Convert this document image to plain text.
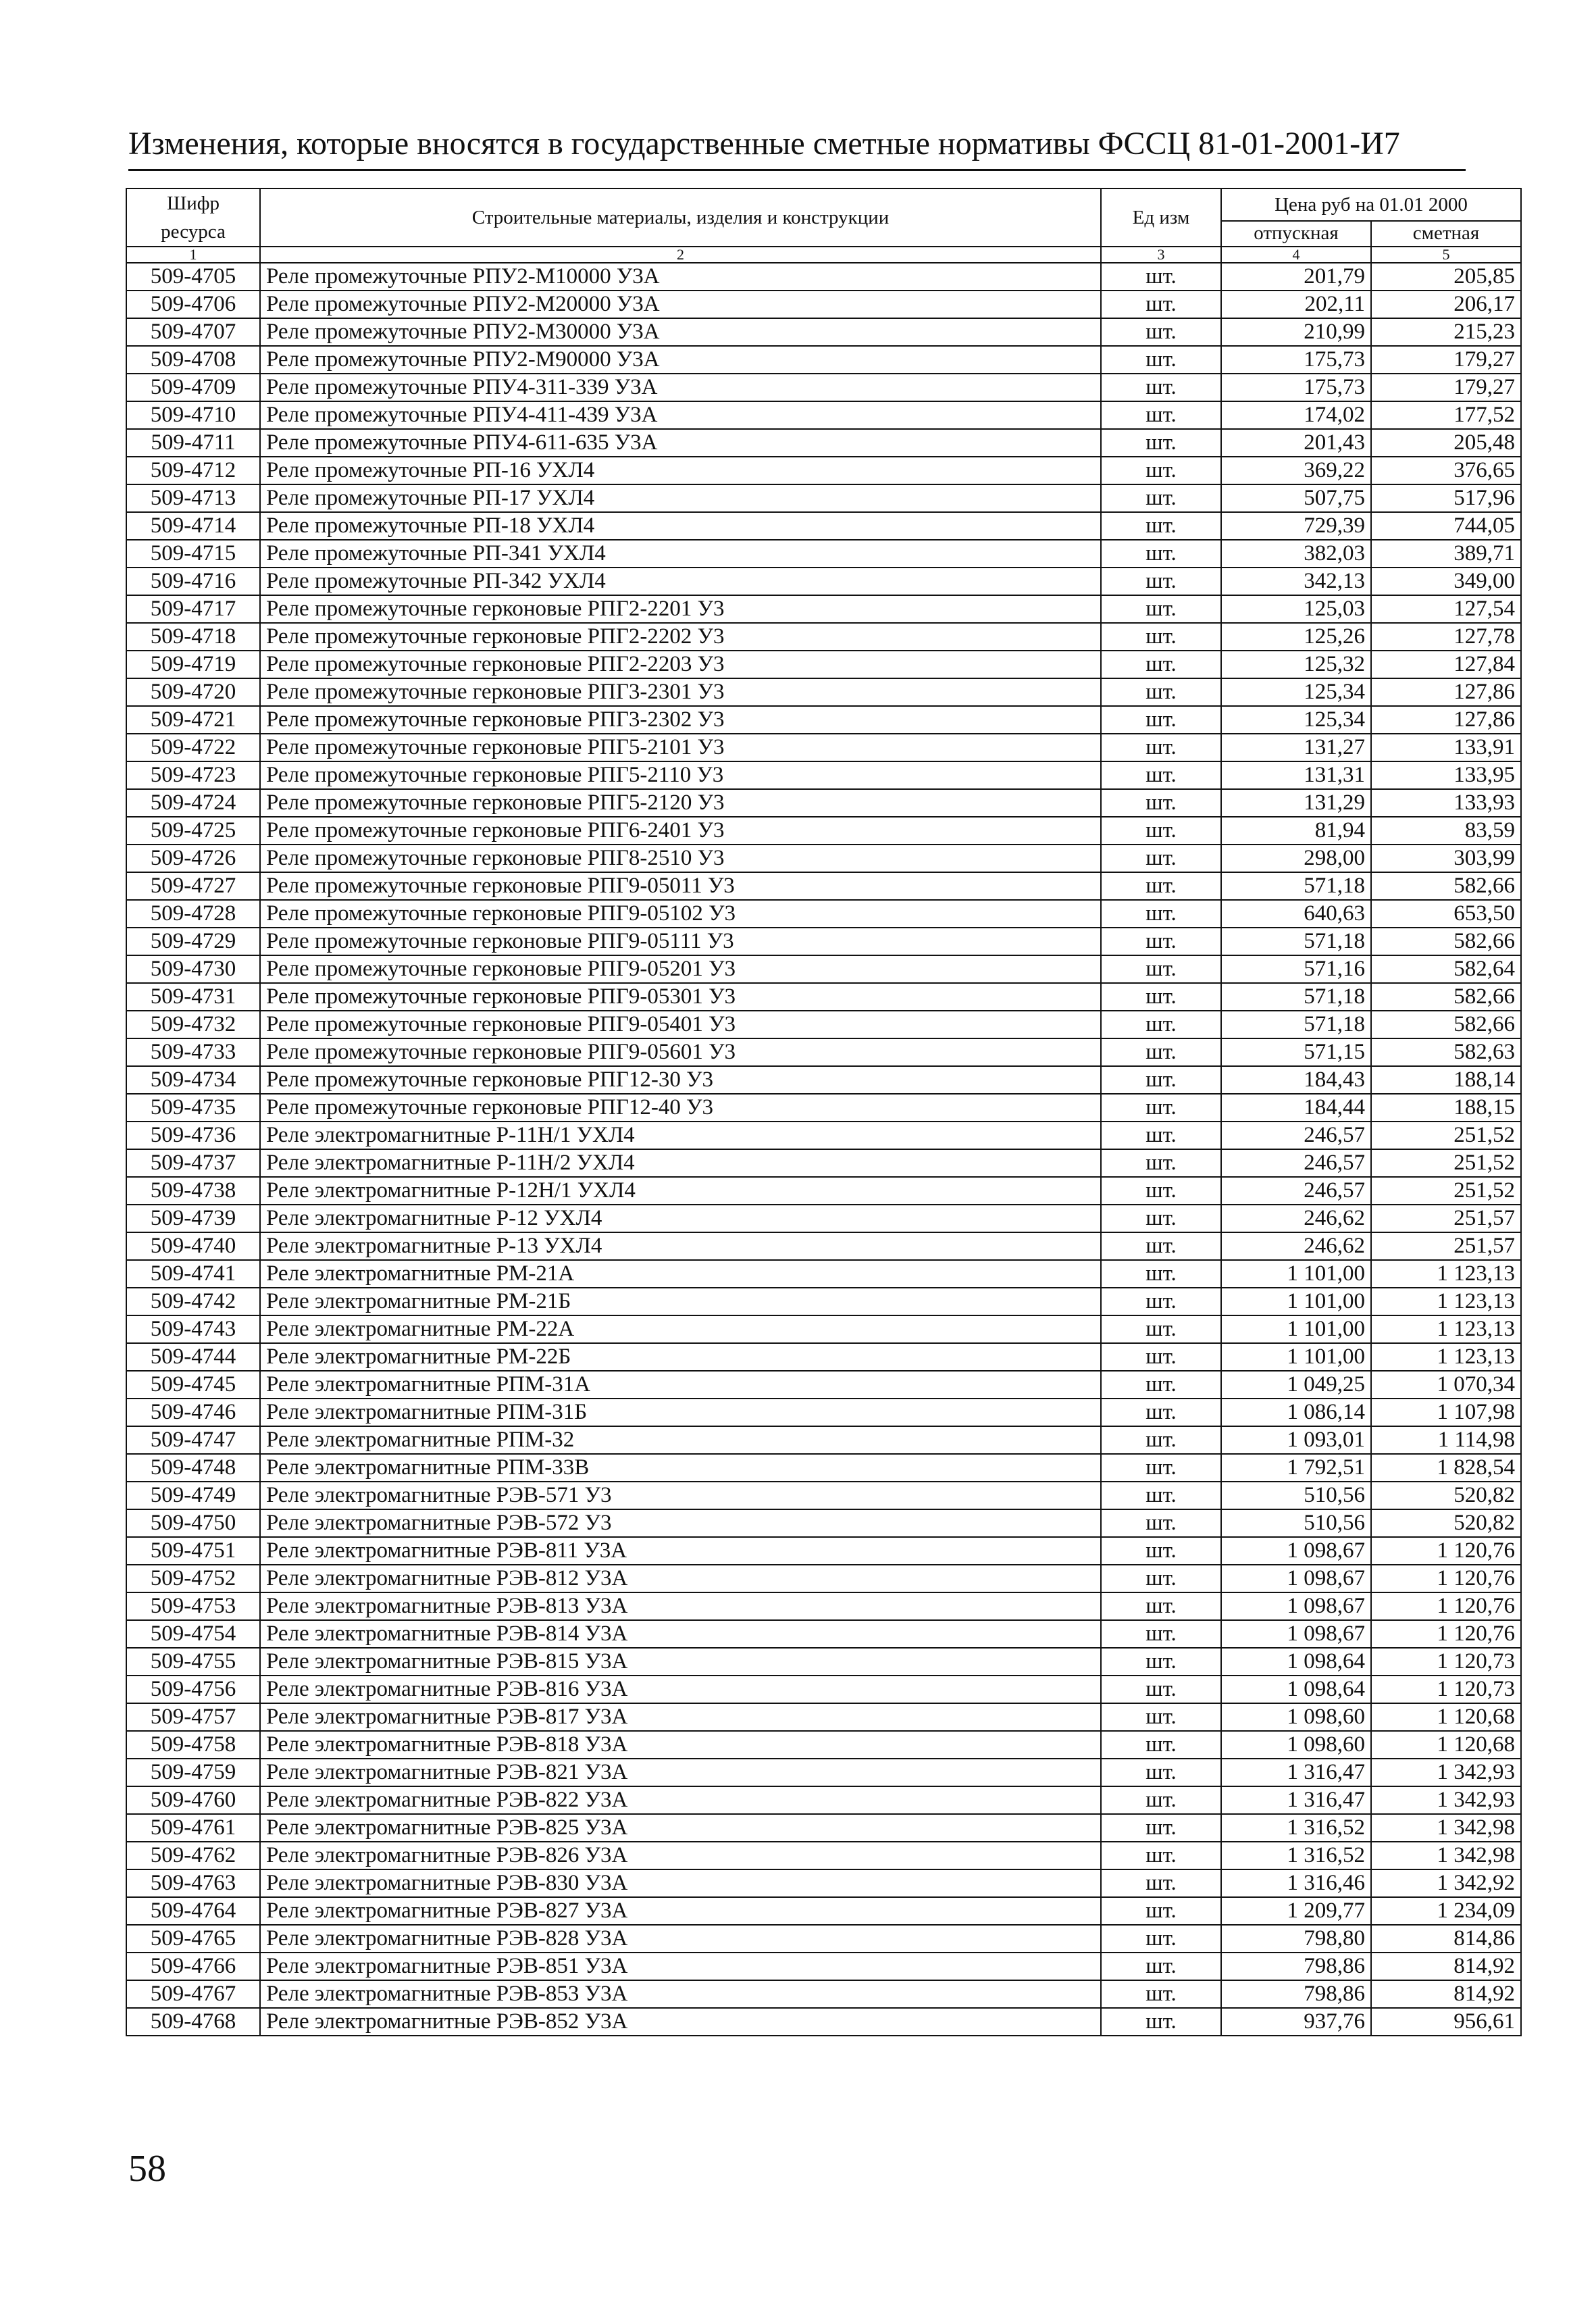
Изменения, которые вносятся в государственные сметные нормативы ФССЦ 81-01-2001-И7
Шифр ресурса	Строительные материалы, изделия и конструкции	Ед изм	Цена руб на 01.01 2000	
			отпускная	сметная
1	2	3	4	5
509-4705	Реле промежуточные РПУ2-М10000 У3А	шт.	201,79	205,85
509-4706	Реле промежуточные РПУ2-М20000 У3А	шт.	202,11	206,17
509-4707	Реле промежуточные РПУ2-М30000 У3А	шт.	210,99	215,23
509-4708	Реле промежуточные РПУ2-М90000 У3А	шт.	175,73	179,27
509-4709	Реле промежуточные РПУ4-311-339 У3А	шт.	175,73	179,27
509-4710	Реле промежуточные РПУ4-411-439 У3А	шт.	174,02	177,52
509-4711	Реле промежуточные РПУ4-611-635 У3А	шт.	201,43	205,48
509-4712	Реле промежуточные РП-16 УХЛ4	шт.	369,22	376,65
509-4713	Реле промежуточные РП-17 УХЛ4	шт.	507,75	517,96
509-4714	Реле промежуточные РП-18 УХЛ4	шт.	729,39	744,05
509-4715	Реле промежуточные РП-341 УХЛ4	шт.	382,03	389,71
509-4716	Реле промежуточные РП-342 УХЛ4	шт.	342,13	349,00
509-4717	Реле промежуточные герконовые РПГ2-2201 У3	шт.	125,03	127,54
509-4718	Реле промежуточные герконовые РПГ2-2202 У3	шт.	125,26	127,78
509-4719	Реле промежуточные герконовые РПГ2-2203 У3	шт.	125,32	127,84
509-4720	Реле промежуточные герконовые РПГ3-2301 У3	шт.	125,34	127,86
509-4721	Реле промежуточные герконовые РПГ3-2302 У3	шт.	125,34	127,86
509-4722	Реле промежуточные герконовые РПГ5-2101 У3	шт.	131,27	133,91
509-4723	Реле промежуточные герконовые РПГ5-2110 У3	шт.	131,31	133,95
509-4724	Реле промежуточные герконовые РПГ5-2120 У3	шт.	131,29	133,93
509-4725	Реле промежуточные герконовые РПГ6-2401 У3	шт.	81,94	83,59
509-4726	Реле промежуточные герконовые РПГ8-2510 У3	шт.	298,00	303,99
509-4727	Реле промежуточные герконовые РПГ9-05011 У3	шт.	571,18	582,66
509-4728	Реле промежуточные герконовые РПГ9-05102 У3	шт.	640,63	653,50
509-4729	Реле промежуточные герконовые РПГ9-05111 У3	шт.	571,18	582,66
509-4730	Реле промежуточные герконовые РПГ9-05201 У3	шт.	571,16	582,64
509-4731	Реле промежуточные герконовые РПГ9-05301 У3	шт.	571,18	582,66
509-4732	Реле промежуточные герконовые РПГ9-05401 У3	шт.	571,18	582,66
509-4733	Реле промежуточные герконовые РПГ9-05601 У3	шт.	571,15	582,63
509-4734	Реле промежуточные герконовые РПГ12-30 У3	шт.	184,43	188,14
509-4735	Реле промежуточные герконовые РПГ12-40 У3	шт.	184,44	188,15
509-4736	Реле электромагнитные Р-11Н/1 УХЛ4	шт.	246,57	251,52
509-4737	Реле электромагнитные Р-11Н/2 УХЛ4	шт.	246,57	251,52
509-4738	Реле электромагнитные Р-12Н/1 УХЛ4	шт.	246,57	251,52
509-4739	Реле электромагнитные Р-12 УХЛ4	шт.	246,62	251,57
509-4740	Реле электромагнитные Р-13 УХЛ4	шт.	246,62	251,57
509-4741	Реле электромагнитные РМ-21А	шт.	1 101,00	1 123,13
509-4742	Реле электромагнитные РМ-21Б	шт.	1 101,00	1 123,13
509-4743	Реле электромагнитные РМ-22А	шт.	1 101,00	1 123,13
509-4744	Реле электромагнитные РМ-22Б	шт.	1 101,00	1 123,13
509-4745	Реле электромагнитные РПМ-31А	шт.	1 049,25	1 070,34
509-4746	Реле электромагнитные РПМ-31Б	шт.	1 086,14	1 107,98
509-4747	Реле электромагнитные РПМ-32	шт.	1 093,01	1 114,98
509-4748	Реле электромагнитные РПМ-33В	шт.	1 792,51	1 828,54
509-4749	Реле электромагнитные РЭВ-571 У3	шт.	510,56	520,82
509-4750	Реле электромагнитные РЭВ-572 У3	шт.	510,56	520,82
509-4751	Реле электромагнитные РЭВ-811 У3А	шт.	1 098,67	1 120,76
509-4752	Реле электромагнитные РЭВ-812 У3А	шт.	1 098,67	1 120,76
509-4753	Реле электромагнитные РЭВ-813 У3А	шт.	1 098,67	1 120,76
509-4754	Реле электромагнитные РЭВ-814 У3А	шт.	1 098,67	1 120,76
509-4755	Реле электромагнитные РЭВ-815 У3А	шт.	1 098,64	1 120,73
509-4756	Реле электромагнитные РЭВ-816 У3А	шт.	1 098,64	1 120,73
509-4757	Реле электромагнитные РЭВ-817 У3А	шт.	1 098,60	1 120,68
509-4758	Реле электромагнитные РЭВ-818 У3А	шт.	1 098,60	1 120,68
509-4759	Реле электромагнитные РЭВ-821 У3А	шт.	1 316,47	1 342,93
509-4760	Реле электромагнитные РЭВ-822 У3А	шт.	1 316,47	1 342,93
509-4761	Реле электромагнитные РЭВ-825 У3А	шт.	1 316,52	1 342,98
509-4762	Реле электромагнитные РЭВ-826 У3А	шт.	1 316,52	1 342,98
509-4763	Реле электромагнитные РЭВ-830 У3А	шт.	1 316,46	1 342,92
509-4764	Реле электромагнитные РЭВ-827 У3А	шт.	1 209,77	1 234,09
509-4765	Реле электромагнитные РЭВ-828 У3А	шт.	798,80	814,86
509-4766	Реле электромагнитные РЭВ-851 У3А	шт.	798,86	814,92
509-4767	Реле электромагнитные РЭВ-853 У3А	шт.	798,86	814,92
509-4768	Реле электромагнитные РЭВ-852 У3А	шт.	937,76	956,61
58
